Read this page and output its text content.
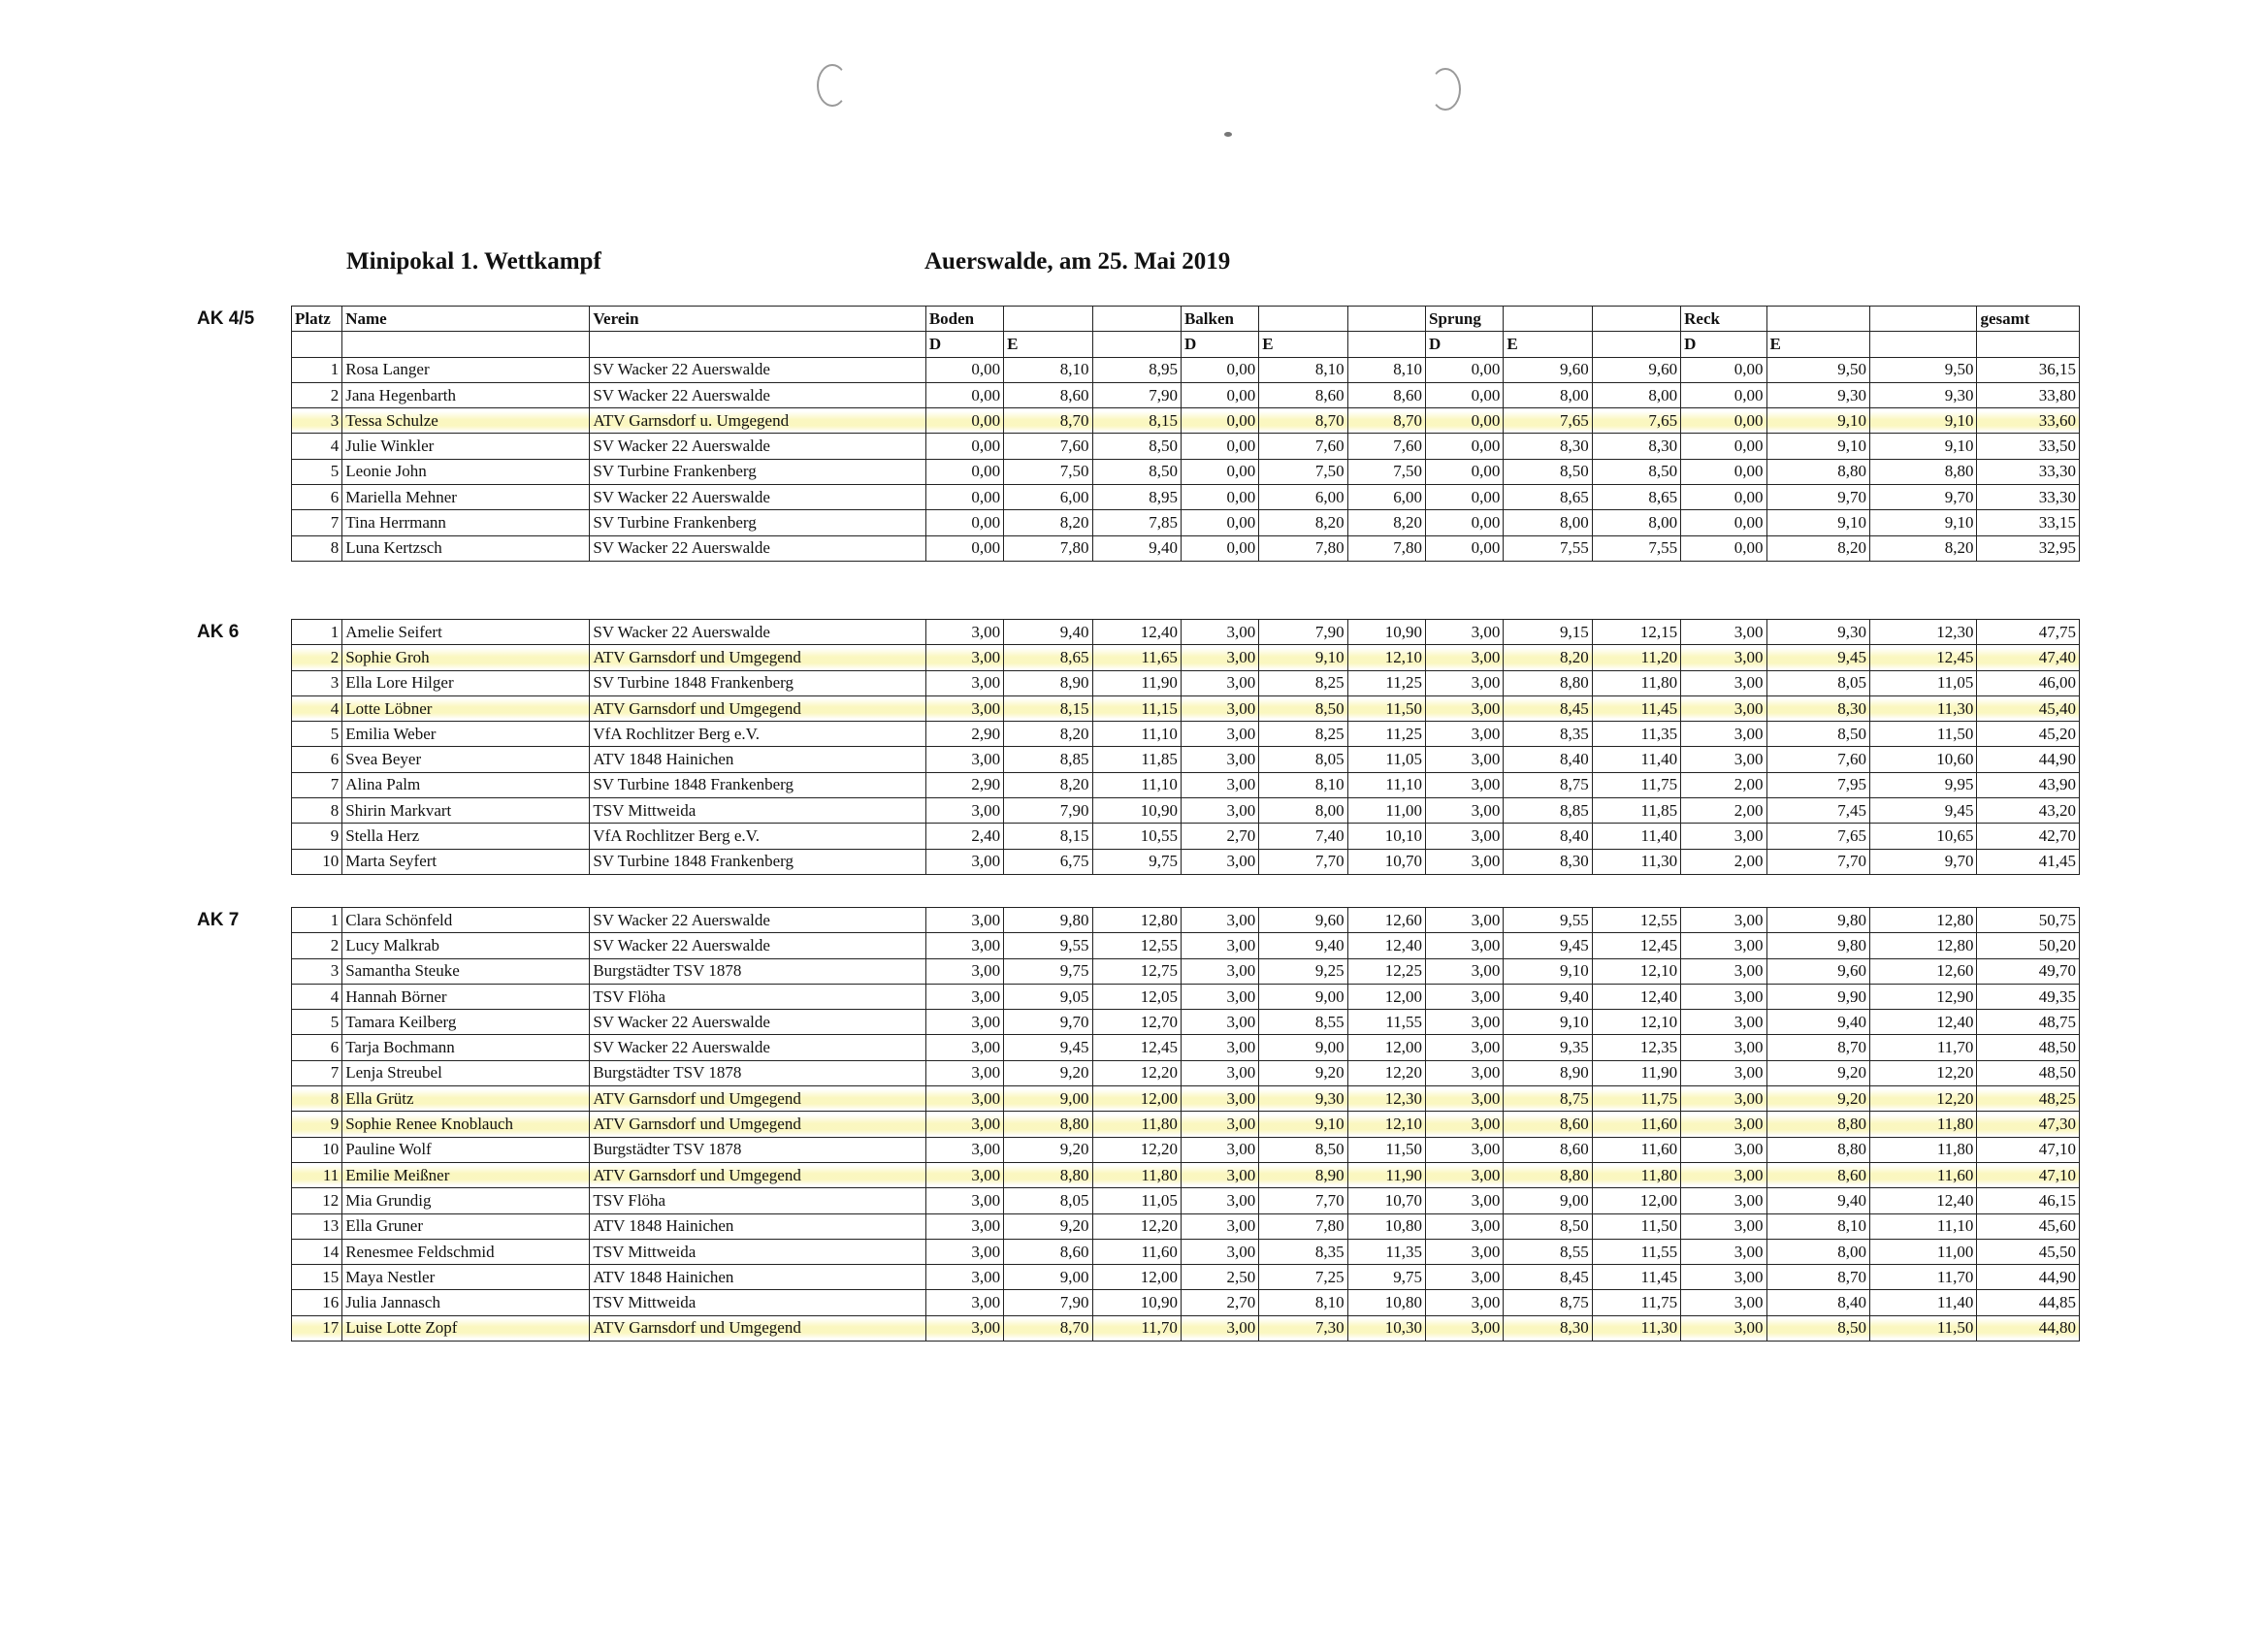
Minipokal 1. Wettkampf	Auerswalde, am 25. Mai 2019
AK 4/5
AK 6
AK 7
Platz	Name	Verein	Boden			Balken			Sprung			Reck			gesamt
			D	E		D	E		D	E		D	E		
1	Rosa Langer	SV Wacker 22 Auerswalde	0,00	8,10	8,95	0,00	8,10	8,10	0,00	9,60	9,60	0,00	9,50	9,50	36,15
2	Jana Hegenbarth	SV Wacker 22 Auerswalde	0,00	8,60	7,90	0,00	8,60	8,60	0,00	8,00	8,00	0,00	9,30	9,30	33,80
3	Tessa Schulze	ATV Garnsdorf u. Umgegend	0,00	8,70	8,15	0,00	8,70	8,70	0,00	7,65	7,65	0,00	9,10	9,10	33,60
4	Julie Winkler	SV Wacker 22 Auerswalde	0,00	7,60	8,50	0,00	7,60	7,60	0,00	8,30	8,30	0,00	9,10	9,10	33,50
5	Leonie John	SV Turbine Frankenberg	0,00	7,50	8,50	0,00	7,50	7,50	0,00	8,50	8,50	0,00	8,80	8,80	33,30
6	Mariella Mehner	SV Wacker 22 Auerswalde	0,00	6,00	8,95	0,00	6,00	6,00	0,00	8,65	8,65	0,00	9,70	9,70	33,30
7	Tina Herrmann	SV Turbine Frankenberg	0,00	8,20	7,85	0,00	8,20	8,20	0,00	8,00	8,00	0,00	9,10	9,10	33,15
8	Luna Kertzsch	SV Wacker 22 Auerswalde	0,00	7,80	9,40	0,00	7,80	7,80	0,00	7,55	7,55	0,00	8,20	8,20	32,95
1	Amelie Seifert	SV Wacker 22 Auerswalde	3,00	9,40	12,40	3,00	7,90	10,90	3,00	9,15	12,15	3,00	9,30	12,30	47,75
2	Sophie Groh	ATV Garnsdorf und Umgegend	3,00	8,65	11,65	3,00	9,10	12,10	3,00	8,20	11,20	3,00	9,45	12,45	47,40
3	Ella Lore Hilger	SV Turbine 1848 Frankenberg	3,00	8,90	11,90	3,00	8,25	11,25	3,00	8,80	11,80	3,00	8,05	11,05	46,00
4	Lotte Löbner	ATV Garnsdorf und Umgegend	3,00	8,15	11,15	3,00	8,50	11,50	3,00	8,45	11,45	3,00	8,30	11,30	45,40
5	Emilia Weber	VfA Rochlitzer Berg e.V.	2,90	8,20	11,10	3,00	8,25	11,25	3,00	8,35	11,35	3,00	8,50	11,50	45,20
6	Svea Beyer	ATV 1848 Hainichen	3,00	8,85	11,85	3,00	8,05	11,05	3,00	8,40	11,40	3,00	7,60	10,60	44,90
7	Alina Palm	SV Turbine 1848 Frankenberg	2,90	8,20	11,10	3,00	8,10	11,10	3,00	8,75	11,75	2,00	7,95	9,95	43,90
8	Shirin Markvart	TSV Mittweida	3,00	7,90	10,90	3,00	8,00	11,00	3,00	8,85	11,85	2,00	7,45	9,45	43,20
9	Stella Herz	VfA Rochlitzer Berg e.V.	2,40	8,15	10,55	2,70	7,40	10,10	3,00	8,40	11,40	3,00	7,65	10,65	42,70
10	Marta Seyfert	SV Turbine 1848 Frankenberg	3,00	6,75	9,75	3,00	7,70	10,70	3,00	8,30	11,30	2,00	7,70	9,70	41,45
1	Clara Schönfeld	SV Wacker 22 Auerswalde	3,00	9,80	12,80	3,00	9,60	12,60	3,00	9,55	12,55	3,00	9,80	12,80	50,75
2	Lucy Malkrab	SV Wacker 22 Auerswalde	3,00	9,55	12,55	3,00	9,40	12,40	3,00	9,45	12,45	3,00	9,80	12,80	50,20
3	Samantha Steuke	Burgstädter TSV 1878	3,00	9,75	12,75	3,00	9,25	12,25	3,00	9,10	12,10	3,00	9,60	12,60	49,70
4	Hannah Börner	TSV Flöha	3,00	9,05	12,05	3,00	9,00	12,00	3,00	9,40	12,40	3,00	9,90	12,90	49,35
5	Tamara Keilberg	SV Wacker 22 Auerswalde	3,00	9,70	12,70	3,00	8,55	11,55	3,00	9,10	12,10	3,00	9,40	12,40	48,75
6	Tarja Bochmann	SV Wacker 22 Auerswalde	3,00	9,45	12,45	3,00	9,00	12,00	3,00	9,35	12,35	3,00	8,70	11,70	48,50
7	Lenja Streubel	Burgstädter TSV 1878	3,00	9,20	12,20	3,00	9,20	12,20	3,00	8,90	11,90	3,00	9,20	12,20	48,50
8	Ella Grütz	ATV Garnsdorf und Umgegend	3,00	9,00	12,00	3,00	9,30	12,30	3,00	8,75	11,75	3,00	9,20	12,20	48,25
9	Sophie Renee Knoblauch	ATV Garnsdorf und Umgegend	3,00	8,80	11,80	3,00	9,10	12,10	3,00	8,60	11,60	3,00	8,80	11,80	47,30
10	Pauline Wolf	Burgstädter TSV 1878	3,00	9,20	12,20	3,00	8,50	11,50	3,00	8,60	11,60	3,00	8,80	11,80	47,10
11	Emilie Meißner	ATV Garnsdorf und Umgegend	3,00	8,80	11,80	3,00	8,90	11,90	3,00	8,80	11,80	3,00	8,60	11,60	47,10
12	Mia Grundig	TSV Flöha	3,00	8,05	11,05	3,00	7,70	10,70	3,00	9,00	12,00	3,00	9,40	12,40	46,15
13	Ella Gruner	ATV 1848 Hainichen	3,00	9,20	12,20	3,00	7,80	10,80	3,00	8,50	11,50	3,00	8,10	11,10	45,60
14	Renesmee Feldschmid	TSV Mittweida	3,00	8,60	11,60	3,00	8,35	11,35	3,00	8,55	11,55	3,00	8,00	11,00	45,50
15	Maya Nestler	ATV 1848 Hainichen	3,00	9,00	12,00	2,50	7,25	9,75	3,00	8,45	11,45	3,00	8,70	11,70	44,90
16	Julia Jannasch	TSV Mittweida	3,00	7,90	10,90	2,70	8,10	10,80	3,00	8,75	11,75	3,00	8,40	11,40	44,85
17	Luise Lotte Zopf	ATV Garnsdorf und Umgegend	3,00	8,70	11,70	3,00	7,30	10,30	3,00	8,30	11,30	3,00	8,50	11,50	44,80
